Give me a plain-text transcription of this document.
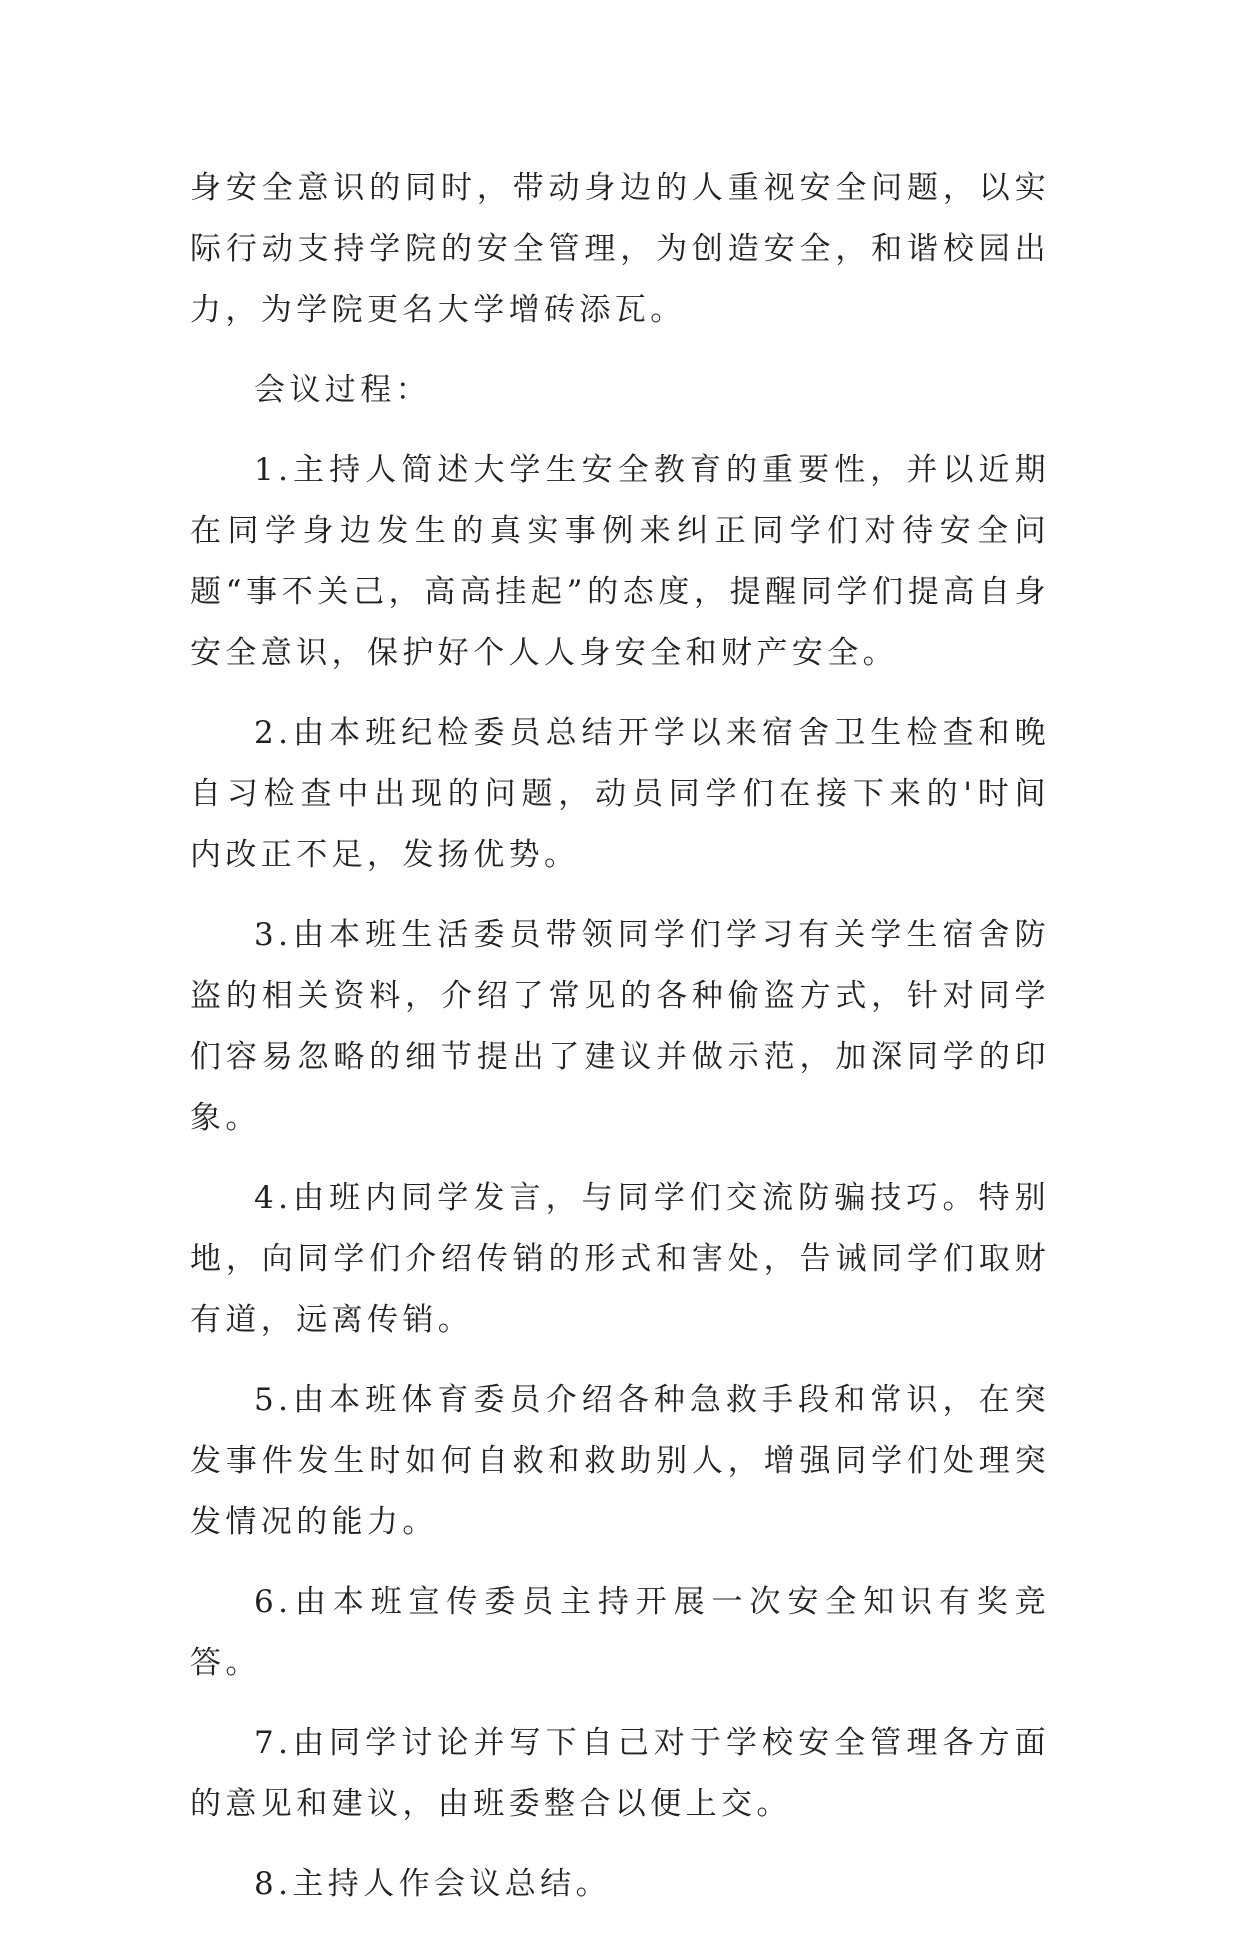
身安全意识的同时，带动身边的人重视安全问题，以实际行动支持学院的安全管理，为创造安全，和谐校园出力，为学院更名大学增砖添瓦。

会议过程：

1.主持人简述大学生安全教育的重要性，并以近期在同学身边发生的真实事例来纠正同学们对待安全问题“事不关己，高高挂起”的态度，提醒同学们提高自身安全意识，保护好个人人身安全和财产安全。

2.由本班纪检委员总结开学以来宿舍卫生检查和晚自习检查中出现的问题，动员同学们在接下来的'时间内改正不足，发扬优势。

3.由本班生活委员带领同学们学习有关学生宿舍防盗的相关资料，介绍了常见的各种偷盗方式，针对同学们容易忽略的细节提出了建议并做示范，加深同学的印象。

4.由班内同学发言，与同学们交流防骗技巧。特别地，向同学们介绍传销的形式和害处，告诫同学们取财有道，远离传销。

5.由本班体育委员介绍各种急救手段和常识，在突发事件发生时如何自救和救助别人，增强同学们处理突发情况的能力。

6.由本班宣传委员主持开展一次安全知识有奖竞答。

7.由同学讨论并写下自己对于学校安全管理各方面的意见和建议，由班委整合以便上交。

8.主持人作会议总结。
